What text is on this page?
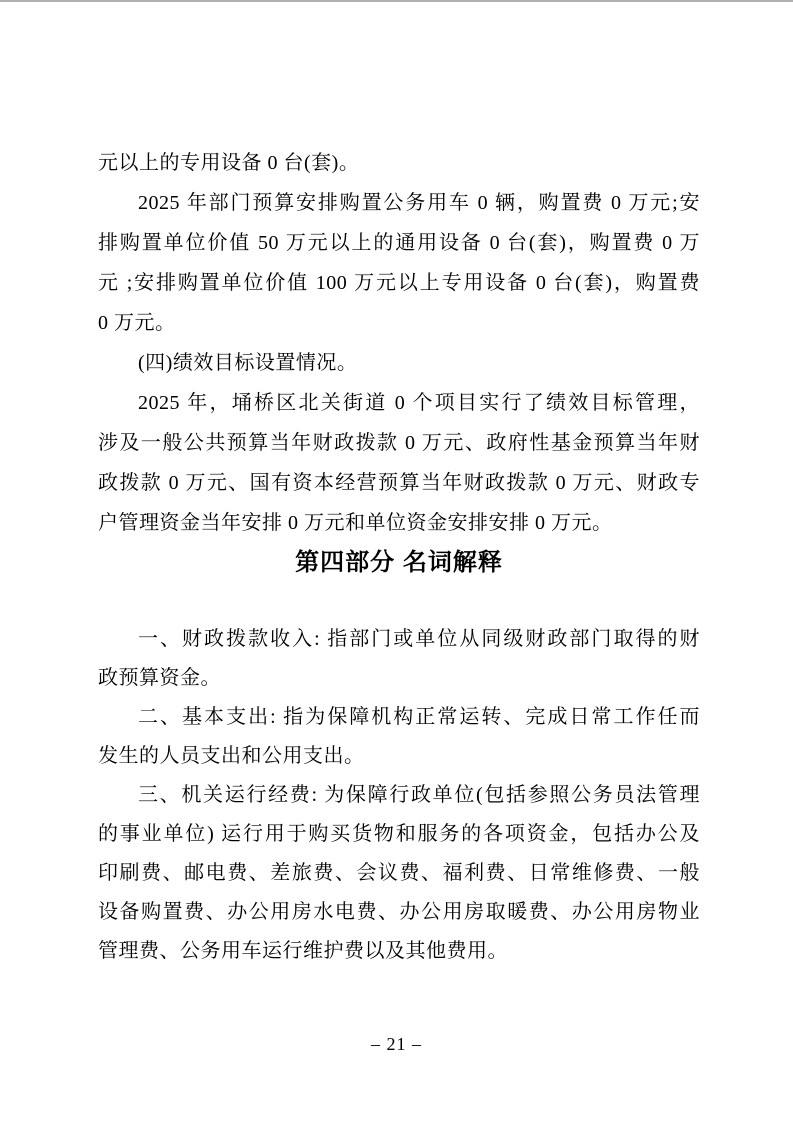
元以上的专用设备 0 台(套)。
2025 年部门预算安排购置公务用车 0 辆，购置费 0 万元;安
排购置单位价值 50 万元以上的通用设备 0 台(套)，购置费 0 万
元 ;安排购置单位价值 100 万元以上专用设备 0 台(套)，购置费
0 万元。
(四)绩效目标设置情况。
2025 年，埇桥区北关街道 0 个项目实行了绩效目标管理，
涉及一般公共预算当年财政拨款 0 万元、政府性基金预算当年财
政拨款 0 万元、国有资本经营预算当年财政拨款 0 万元、财政专
户管理资金当年安排 0 万元和单位资金安排安排 0 万元。
第四部分 名词解释
一、财政拨款收入: 指部门或单位从同级财政部门取得的财
政预算资金。
二、基本支出: 指为保障机构正常运转、完成日常工作任而
发生的人员支出和公用支出。
三、机关运行经费: 为保障行政单位(包括参照公务员法管理
的事业单位) 运行用于购买货物和服务的各项资金，包括办公及
印刷费、邮电费、差旅费、会议费、福利费、日常维修费、一般
设备购置费、办公用房水电费、办公用房取暖费、办公用房物业
管理费、公务用车运行维护费以及其他费用。
– 21 –
